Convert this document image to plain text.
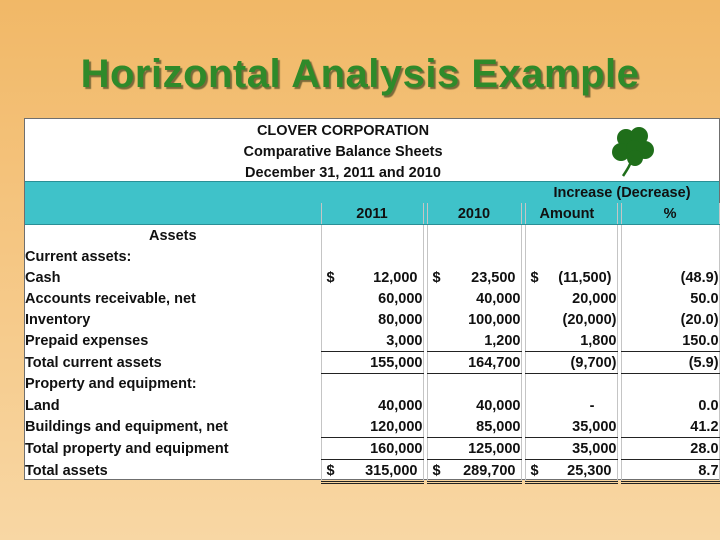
Horizontal Analysis Example
CLOVER CORPORATION
Comparative Balance Sheets
December 31, 2011 and 2010
					Increase (Decrease)		
	2011		2010		Amount		%
Assets							
Current assets:							
Cash	$ 12,000		$ 23,500		$ (11,500)		(48.9)
Accounts receivable, net	60,000		40,000		20,000		50.0
Inventory	80,000		100,000		(20,000)		(20.0)
Prepaid expenses	3,000		1,200		1,800		150.0
Total current assets	155,000		164,700		(9,700)		(5.9)
Property and equipment:							
Land	40,000		40,000		-		0.0
Buildings and equipment, net	120,000		85,000		35,000		41.2
Total property and equipment	160,000		125,000		35,000		28.0
Total assets	$ 315,000		$ 289,700		$ 25,300		8.7
